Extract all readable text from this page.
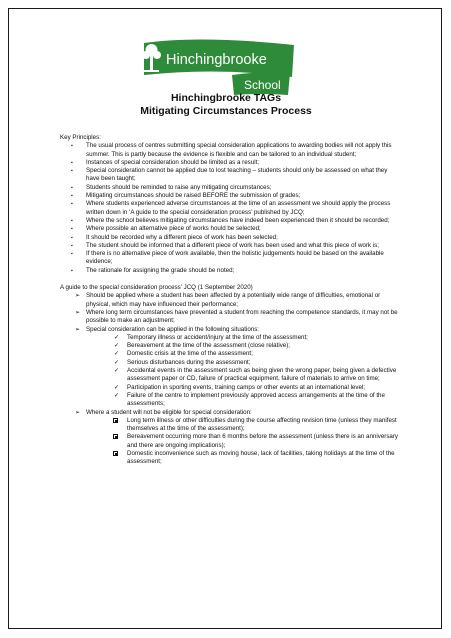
Hinchingbrooke
School
Hinchingbrooke TAGs
Mitigating Circumstances Process

Key Principles:

▪ The usual process of centres submitting special consideration applications to awarding bodies will not apply this summer. This is partly because the evidence is flexible and can be tailored to an individual student;
▪ Instances of special consideration should be limited as a result;
▪ Special consideration cannot be applied due to lost teaching – students should only be assessed on what they have been taught;
▪ Students should be reminded to raise any mitigating circumstances;
▪ Mitigating circumstances should be raised BEFORE the submission of grades;
▪ Where students experienced adverse circumstances at the time of an assessment we should apply the process written down in ‘A guide to the special consideration process’ published by JCQ;
▪ Where the school believes mitigating circumstances have indeed been experienced then it should be recorded;
▪ Where possible an alternative piece of works hould be selected;
▪ It should be recorded why a different piece of work has been selected;
▪ The student should be informed that a different piece of work has been used and what this piece of work is;
▪ If there is no alternative piece of work available, then the holistic judgements hould be based on the available evidence;
▪ The rationale for assigning the grade should be noted;

A guide to the special consideration process’ JCQ (1 September 2020)

➢ Should be applied where a student has been affected by a potentially wide range of difficulties, emotional or physical, which may have influenced their performance;
➢ Where long term circumstances have prevented a student from reaching the competence standards, it may not be possible to make an adjustment;
➢ Special consideration can be applied in the following situations:
✓ Temporary illness or accident/injury at the time of the assessment;
✓ Bereavement at the time of the assessment (close relative);
✓ Domestic crisis at the time of the assessment;
✓ Serious disturbances during the assessment;
✓ Accidental events in the assessment such as being given the wrong paper, being given a defective assessment paper or CD, failure of practical equipment, failure of materials to arrive on time;
✓ Participation in sporting events, training camps or other events at an international level;
✓ Failure of the centre to implement previously approved access arrangements at the time of the assessments;
➢ Where a student will not be eligible for special consideration:
Long term illness or other difficulties during the course affecting revision time (unless they manifest themselves at the time of the assessment);
Bereavement occurring more than 6 months before the assessment (unless there is an anniversary and there are ongoing implications);
Domestic inconvenience such as moving house, lack of facilities, taking holidays at the time of the assessment;
